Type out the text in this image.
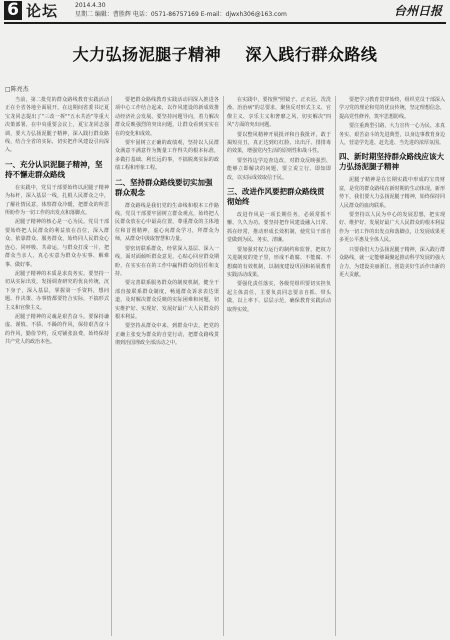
6 论坛	2014.4.30
星期二 编辑：曹胜辉 电话：0571-86757169 E-mail：djwxh306@163.com	台州日报
大力弘扬泥腿子精神    深入践行群众路线
□陈亮杰

当前，第二批党的群众路线教育实践活动正在全省各地全面展开。在这期间省委书记夏宝龙同志提出了"三改一拆""五水共治"等重大决策部署，在中央重要会议上，夏宝龙同志强调，要大力弘扬泥腿子精神，深入践行群众路线，结合全省的实际，切实把作风建设引向深入。

一、充分认识泥腿子精神，坚持不懈走群众路线

在实践中，党员干部要始终以泥腿子精神为标杆，深入基层一线，扎根人民群众之中，了解社情民意，体察群众冷暖，把群众的所思所盼作为一切工作的出发点和落脚点。

泥腿子精神的核心是一心为民。党员干部要始终把人民群众的利益放在首位，深入群众、依靠群众、服务群众，始终同人民群众心连心、同呼吸、共命运，与群众打成一片，把群众当亲人，真心实意为群众办实事、解难事、做好事。

泥腿子精神的本质是求真务实。要坚持一切从实际出发，发扬调查研究的优良传统，沉下身子，深入基层，掌握第一手资料，想问题、作决策、办事情都要符合实际，不搞形式主义和官僚主义。

泥腿子精神的灵魂是艰苦奋斗。要保持谦虚、谨慎、不骄、不躁的作风，保持艰苦奋斗的作风，勤俭节约，反对铺张浪费，始终保持共产党人的政治本色。

要把群众路线教育实践活动同深入推进各项中心工作结合起来，以作风建设的新成效推动经济社会发展。要坚持问题导向，着力解决群众反映强烈的突出问题，让群众看到实实在在的变化和成效。

要牢固树立正确的政绩观，坚持以人民群众满意不满意作为衡量工作得失的根本标准，多做打基础、利长远的事，不搞脱离实际的政绩工程和形象工程。

二、坚持群众路线要切实加强群众观念

群众路线是我们党的生命线和根本工作路线。党员干部要牢固树立群众观点，始终把人民群众放在心中最高位置，尊重群众的主体地位和首创精神，虚心向群众学习，拜群众为师，从群众中汲取智慧和力量。

要密切联系群众，经常深入基层、深入一线，面对面倾听群众意见，心贴心回应群众期盼，在实实在在的工作中赢得群众的信任和支持。

要完善联系服务群众的制度机制，健全干部直接联系群众制度，畅通群众诉求表达渠道，及时解决群众反映的实际困难和问题，切实维护好、实现好、发展好最广大人民群众的根本利益。

要坚持从群众中来、到群众中去，把党的正确主张变为群众的自觉行动，把群众路线贯彻到治国理政全部活动之中。

在实践中，要按照"照镜子、正衣冠、洗洗澡、治治病"的总要求，聚焦反对形式主义、官僚主义、享乐主义和奢靡之风，切实解决"四风"方面的突出问题。

要以整风精神开展批评和自我批评，敢于揭短亮丑，真正达到红红脸、出出汗、排排毒的效果，增强党内生活的原则性和战斗性。

要坚持边学边查边改，对群众反映强烈、能够立即解决的问题，要立说立行、即知即改，以实际成效取信于民。

三、改进作风要把群众路线贯彻始终

改进作风是一项长期任务，必须常抓不懈、久久为功。要坚持把作风建设融入日常、抓在经常，推动形成长效机制，使党员干部自觉做到为民、务实、清廉。

要加强对权力运行的制约和监督，把权力关进制度的笼子里，形成不敢腐、不能腐、不想腐的有效机制，以制度建设巩固和拓展教育实践活动成果。

要强化责任落实，各级党组织要切实担负起主体责任，主要负责同志要亲自抓、带头做，以上率下、层层示范，确保教育实践活动取得实效。

要把学习教育贯穿始终，组织党员干部深入学习党的理论和党的优良传统，坚定理想信念，提高党性修养，筑牢思想防线。

要注重典型引路，大力宣传一心为民、求真务实、艰苦奋斗的先进典型，以身边事教育身边人，营造学先进、赶先进、当先进的浓厚氛围。

四、新时期坚持群众路线应该大力弘扬泥腿子精神

泥腿子精神是在长期实践中形成的宝贵财富，是党的群众路线在新时期的生动体现。新形势下，我们要大力弘扬泥腿子精神，始终保持同人民群众的血肉联系。

要坚持以人民为中心的发展思想，把实现好、维护好、发展好最广大人民群众的根本利益作为一切工作的出发点和落脚点，让发展成果更多更公平惠及全体人民。

只要我们大力弘扬泥腿子精神，深入践行群众路线，就一定能够凝聚起推动科学发展的强大合力，为建设美丽浙江、创造美好生活作出新的更大贡献。
